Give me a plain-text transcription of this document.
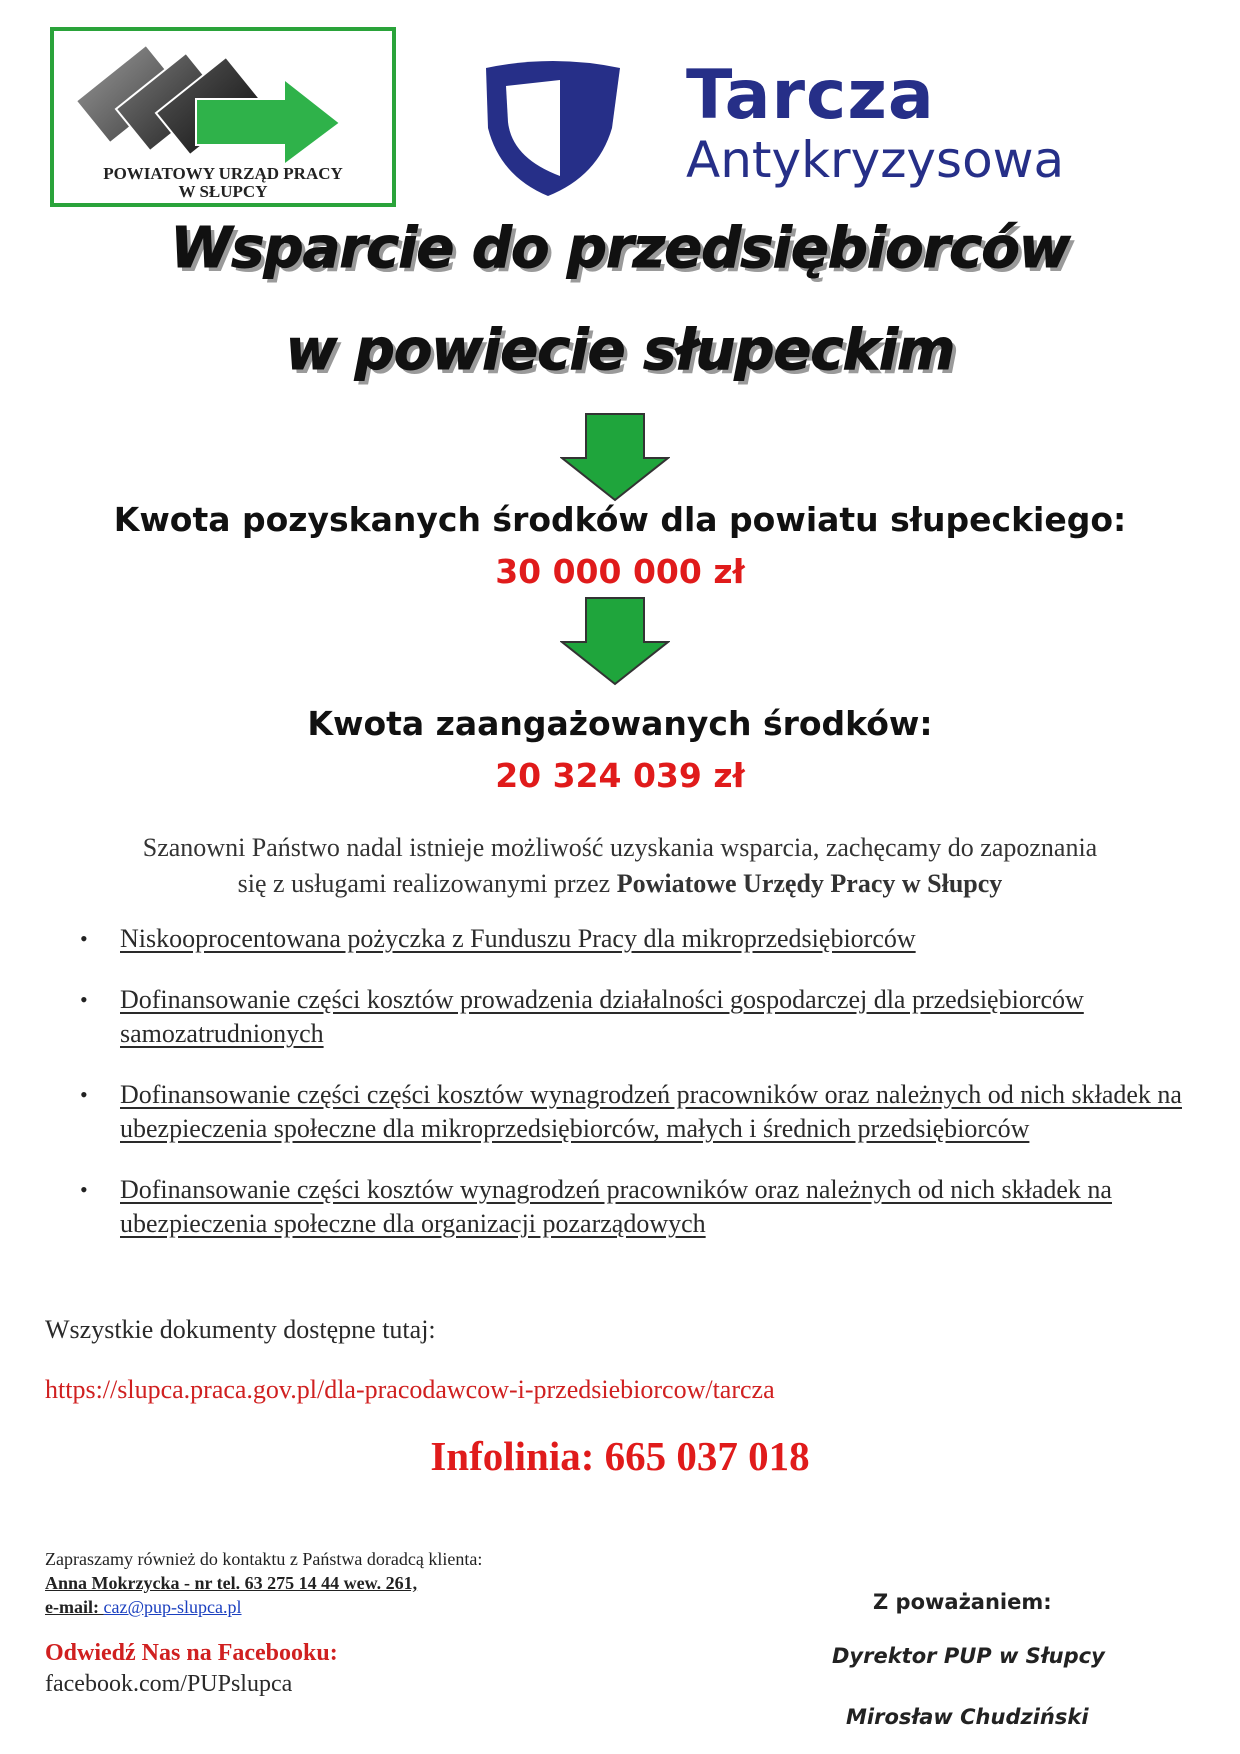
POWIATOWY URZĄD PRACY
W SŁUPCY
Tarcza
Antykryzysowa
Wsparcie do przedsiębiorców
w powiecie słupeckim
Kwota pozyskanych środków dla powiatu słupeckiego:
30 000 000 zł
Kwota zaangażowanych środków:
20 324 039 zł
Szanowni Państwo nadal istnieje możliwość uzyskania wsparcia, zachęcamy do zapoznania
się z usługami realizowanymi przez Powiatowe Urzędy Pracy w Słupcy
• Niskooprocentowana pożyczka z Funduszu Pracy dla mikroprzedsiębiorców
• Dofinansowanie części kosztów prowadzenia działalności gospodarczej dla przedsiębiorców samozatrudnionych
• Dofinansowanie części części kosztów wynagrodzeń pracowników oraz należnych od nich składek na ubezpieczenia społeczne dla mikroprzedsiębiorców, małych i średnich przedsiębiorców
• Dofinansowanie części kosztów wynagrodzeń pracowników oraz należnych od nich składek na ubezpieczenia społeczne dla organizacji pozarządowych
Wszystkie dokumenty dostępne tutaj:
https://slupca.praca.gov.pl/dla-pracodawcow-i-przedsiebiorcow/tarcza
Infolinia: 665 037 018
Zapraszamy również do kontaktu z Państwa doradcą klienta:
Anna Mokrzycka - nr tel. 63 275 14 44 wew. 261,
e-mail: caz@pup-slupca.pl
Odwiedź Nas na Facebooku:
facebook.com/PUPslupca
Z poważaniem:
Dyrektor PUP w Słupcy
Mirosław Chudziński
